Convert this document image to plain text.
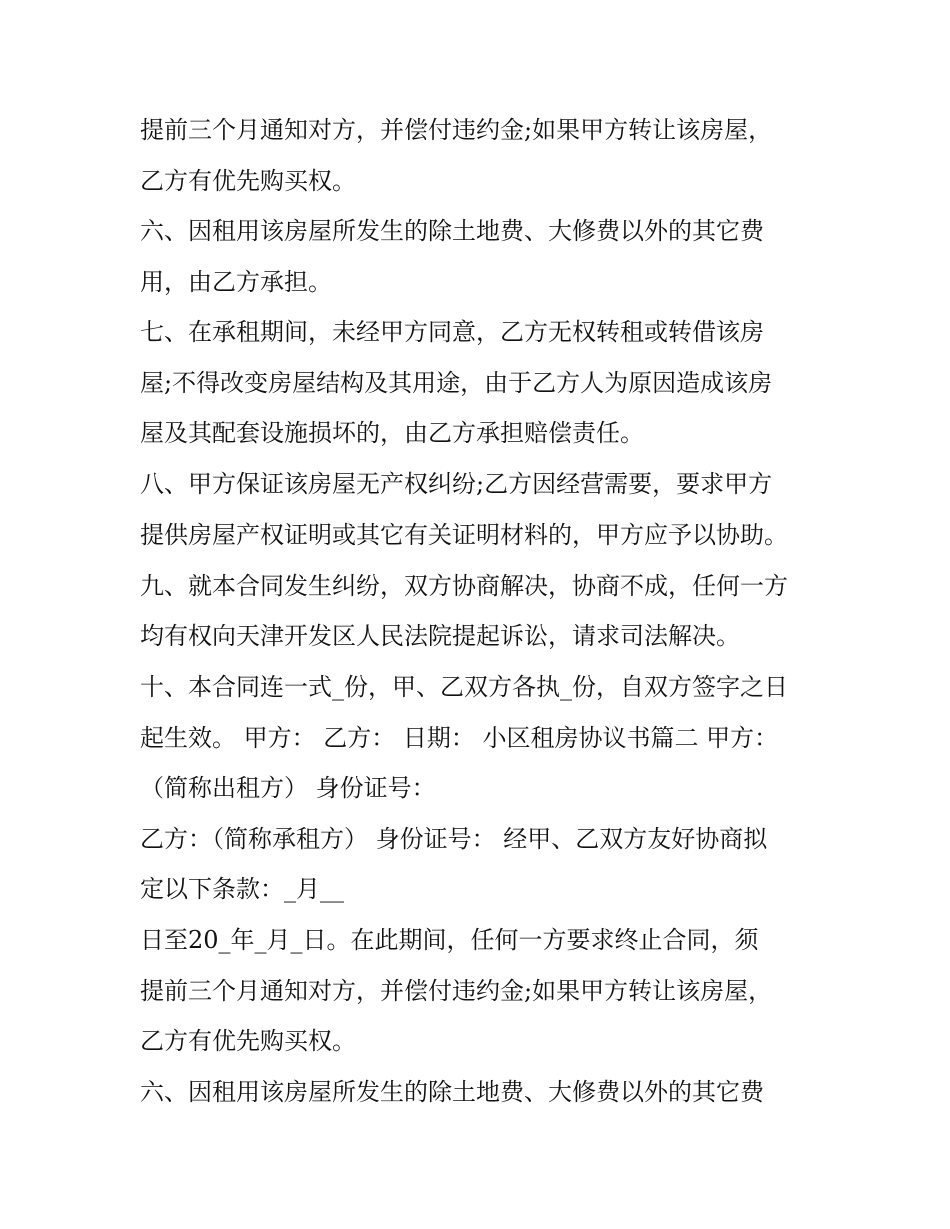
提前三个月通知对方，并偿付违约金;如果甲方转让该房屋，

乙方有优先购买权。

六、因租用该房屋所发生的除土地费、大修费以外的其它费

用，由乙方承担。

七、在承租期间，未经甲方同意，乙方无权转租或转借该房

屋;不得改变房屋结构及其用途，由于乙方人为原因造成该房

屋及其配套设施损坏的，由乙方承担赔偿责任。

八、甲方保证该房屋无产权纠纷;乙方因经营需要，要求甲方

提供房屋产权证明或其它有关证明材料的，甲方应予以协助。

九、就本合同发生纠纷，双方协商解决，协商不成，任何一方

均有权向天津开发区人民法院提起诉讼，请求司法解决。

十、本合同连一式_份，甲、乙双方各执_份，自双方签字之日

起生效。 甲方： 乙方： 日期： 小区租房协议书篇二 甲方：

（简称出租方） 身份证号：

乙方：（简称承租方） 身份证号： 经甲、乙双方友好协商拟

定以下条款：_月__

日至20_年_月_日。在此期间，任何一方要求终止合同，须

提前三个月通知对方，并偿付违约金;如果甲方转让该房屋，

乙方有优先购买权。

六、因租用该房屋所发生的除土地费、大修费以外的其它费
